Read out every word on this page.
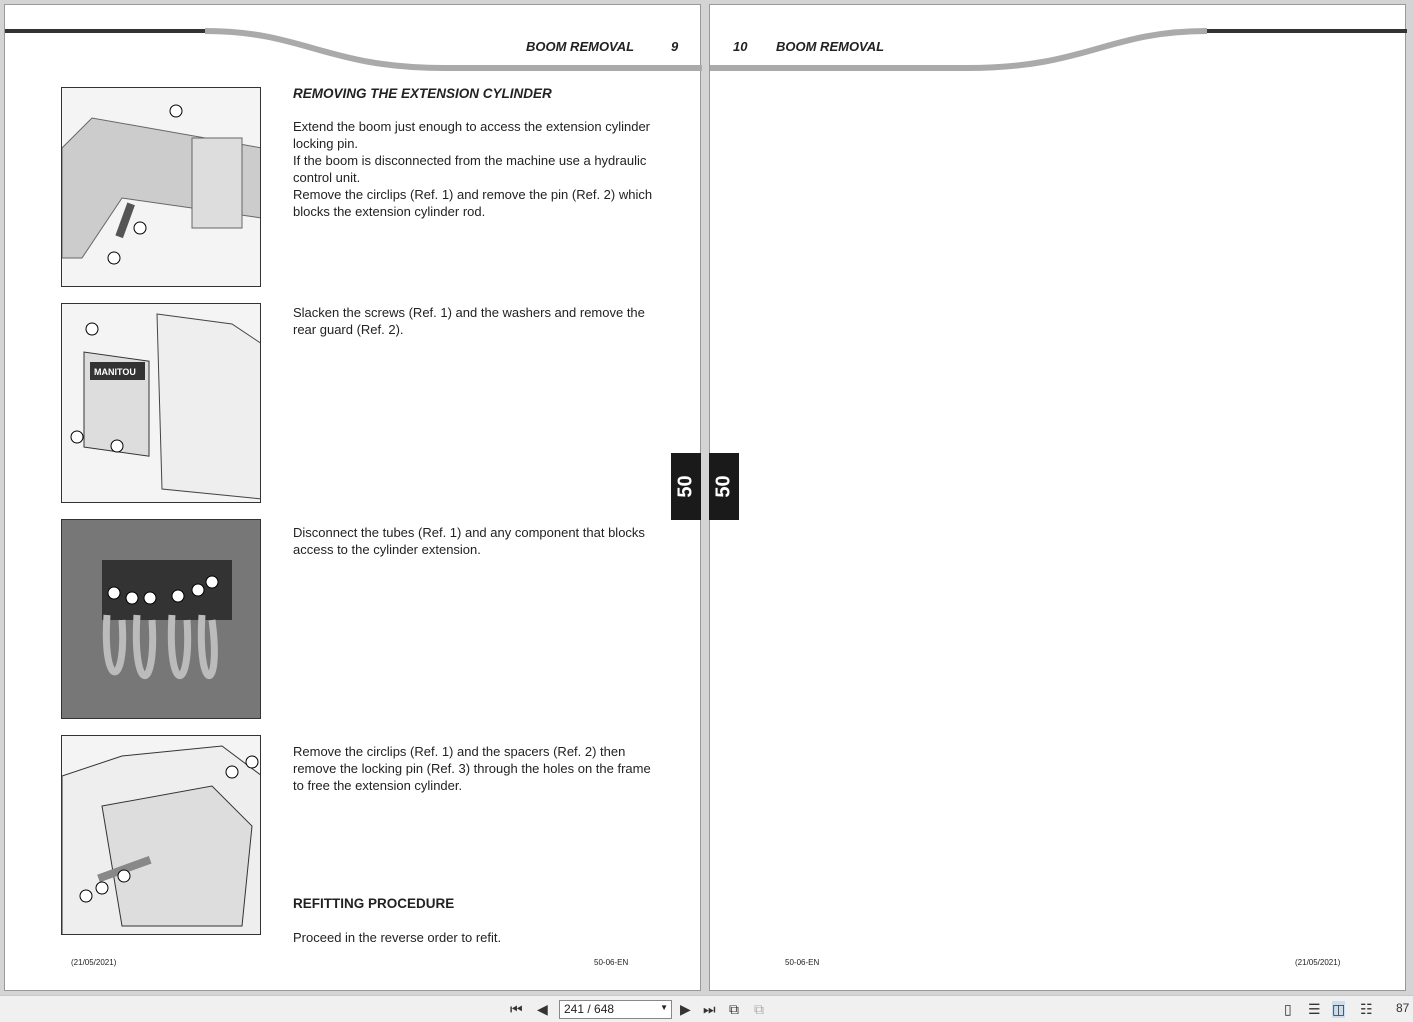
BOOM REMOVAL	9
MANITOU
REMOVING THE EXTENSION CYLINDER
Extend the boom just enough to access the extension cylinder locking pin.
If the boom is disconnected from the machine use a hydraulic control unit.
Remove the circlips (Ref. 1) and remove the pin (Ref. 2) which blocks the extension cylinder rod.
Slacken the screws (Ref. 1) and the washers and remove the rear guard (Ref. 2).
Disconnect the tubes (Ref. 1) and any component that blocks access to the cylinder extension.
Remove the circlips (Ref. 1) and the spacers (Ref. 2) then remove the locking pin (Ref. 3) through the holes on the frame to free the extension cylinder.
REFITTING PROCEDURE
Proceed in the reverse order to refit.
(21/05/2021)	50-06-EN
50
10 BOOM REMOVAL
50-06-EN	(21/05/2021)
50
⏮ ◀	241 / 648	▼ ▶ ⏭ ⧉ ⧉	▯ ☰ ◫ ☷ 87
